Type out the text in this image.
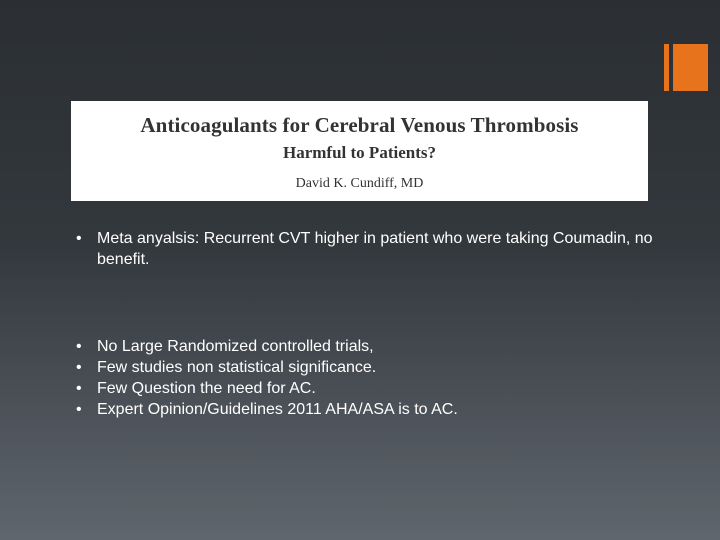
Anticoagulants for Cerebral Venous Thrombosis
Harmful to Patients?
David K. Cundiff, MD
• Meta anyalsis: Recurrent CVT higher in patient who were taking Coumadin, no benefit.
• No Large Randomized controlled trials,
• Few studies non statistical significance.
• Few Question the need for AC.
• Expert Opinion/Guidelines 2011 AHA/ASA is to AC.
